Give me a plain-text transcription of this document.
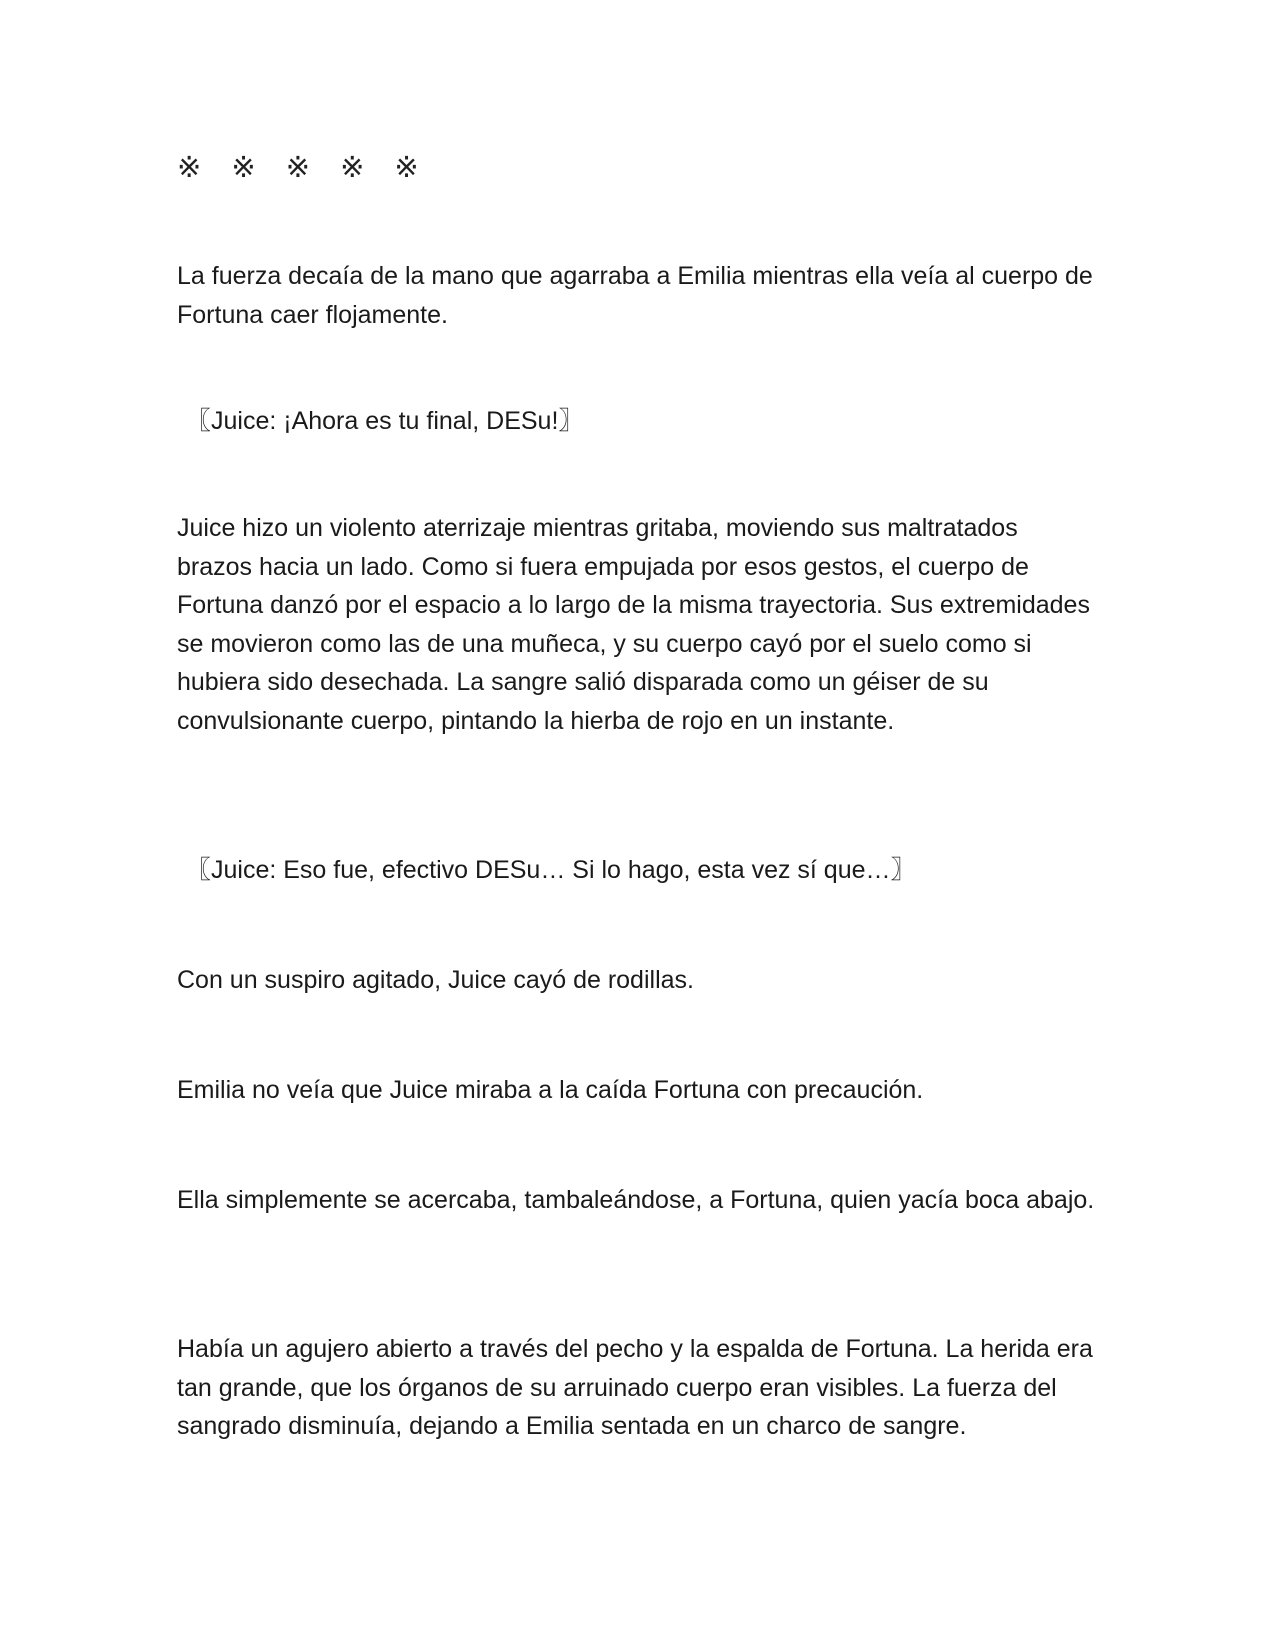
※ ※ ※ ※ ※

La fuerza decaía de la mano que agarraba a Emilia mientras ella veía al cuerpo de Fortuna caer flojamente.

〖Juice: ¡Ahora es tu final, DESu!〗

Juice hizo un violento aterrizaje mientras gritaba, moviendo sus maltratados brazos hacia un lado. Como si fuera empujada por esos gestos, el cuerpo de Fortuna danzó por el espacio a lo largo de la misma trayectoria. Sus extremidades se movieron como las de una muñeca, y su cuerpo cayó por el suelo como si hubiera sido desechada. La sangre salió disparada como un géiser de su convulsionante cuerpo, pintando la hierba de rojo en un instante.

〖Juice: Eso fue, efectivo DESu… Si lo hago, esta vez sí que…〗

Con un suspiro agitado, Juice cayó de rodillas.

Emilia no veía que Juice miraba a la caída Fortuna con precaución.

Ella simplemente se acercaba, tambaleándose, a Fortuna, quien yacía boca abajo.

Había un agujero abierto a través del pecho y la espalda de Fortuna. La herida era tan grande, que los órganos de su arruinado cuerpo eran visibles. La fuerza del sangrado disminuía, dejando a Emilia sentada en un charco de sangre.
